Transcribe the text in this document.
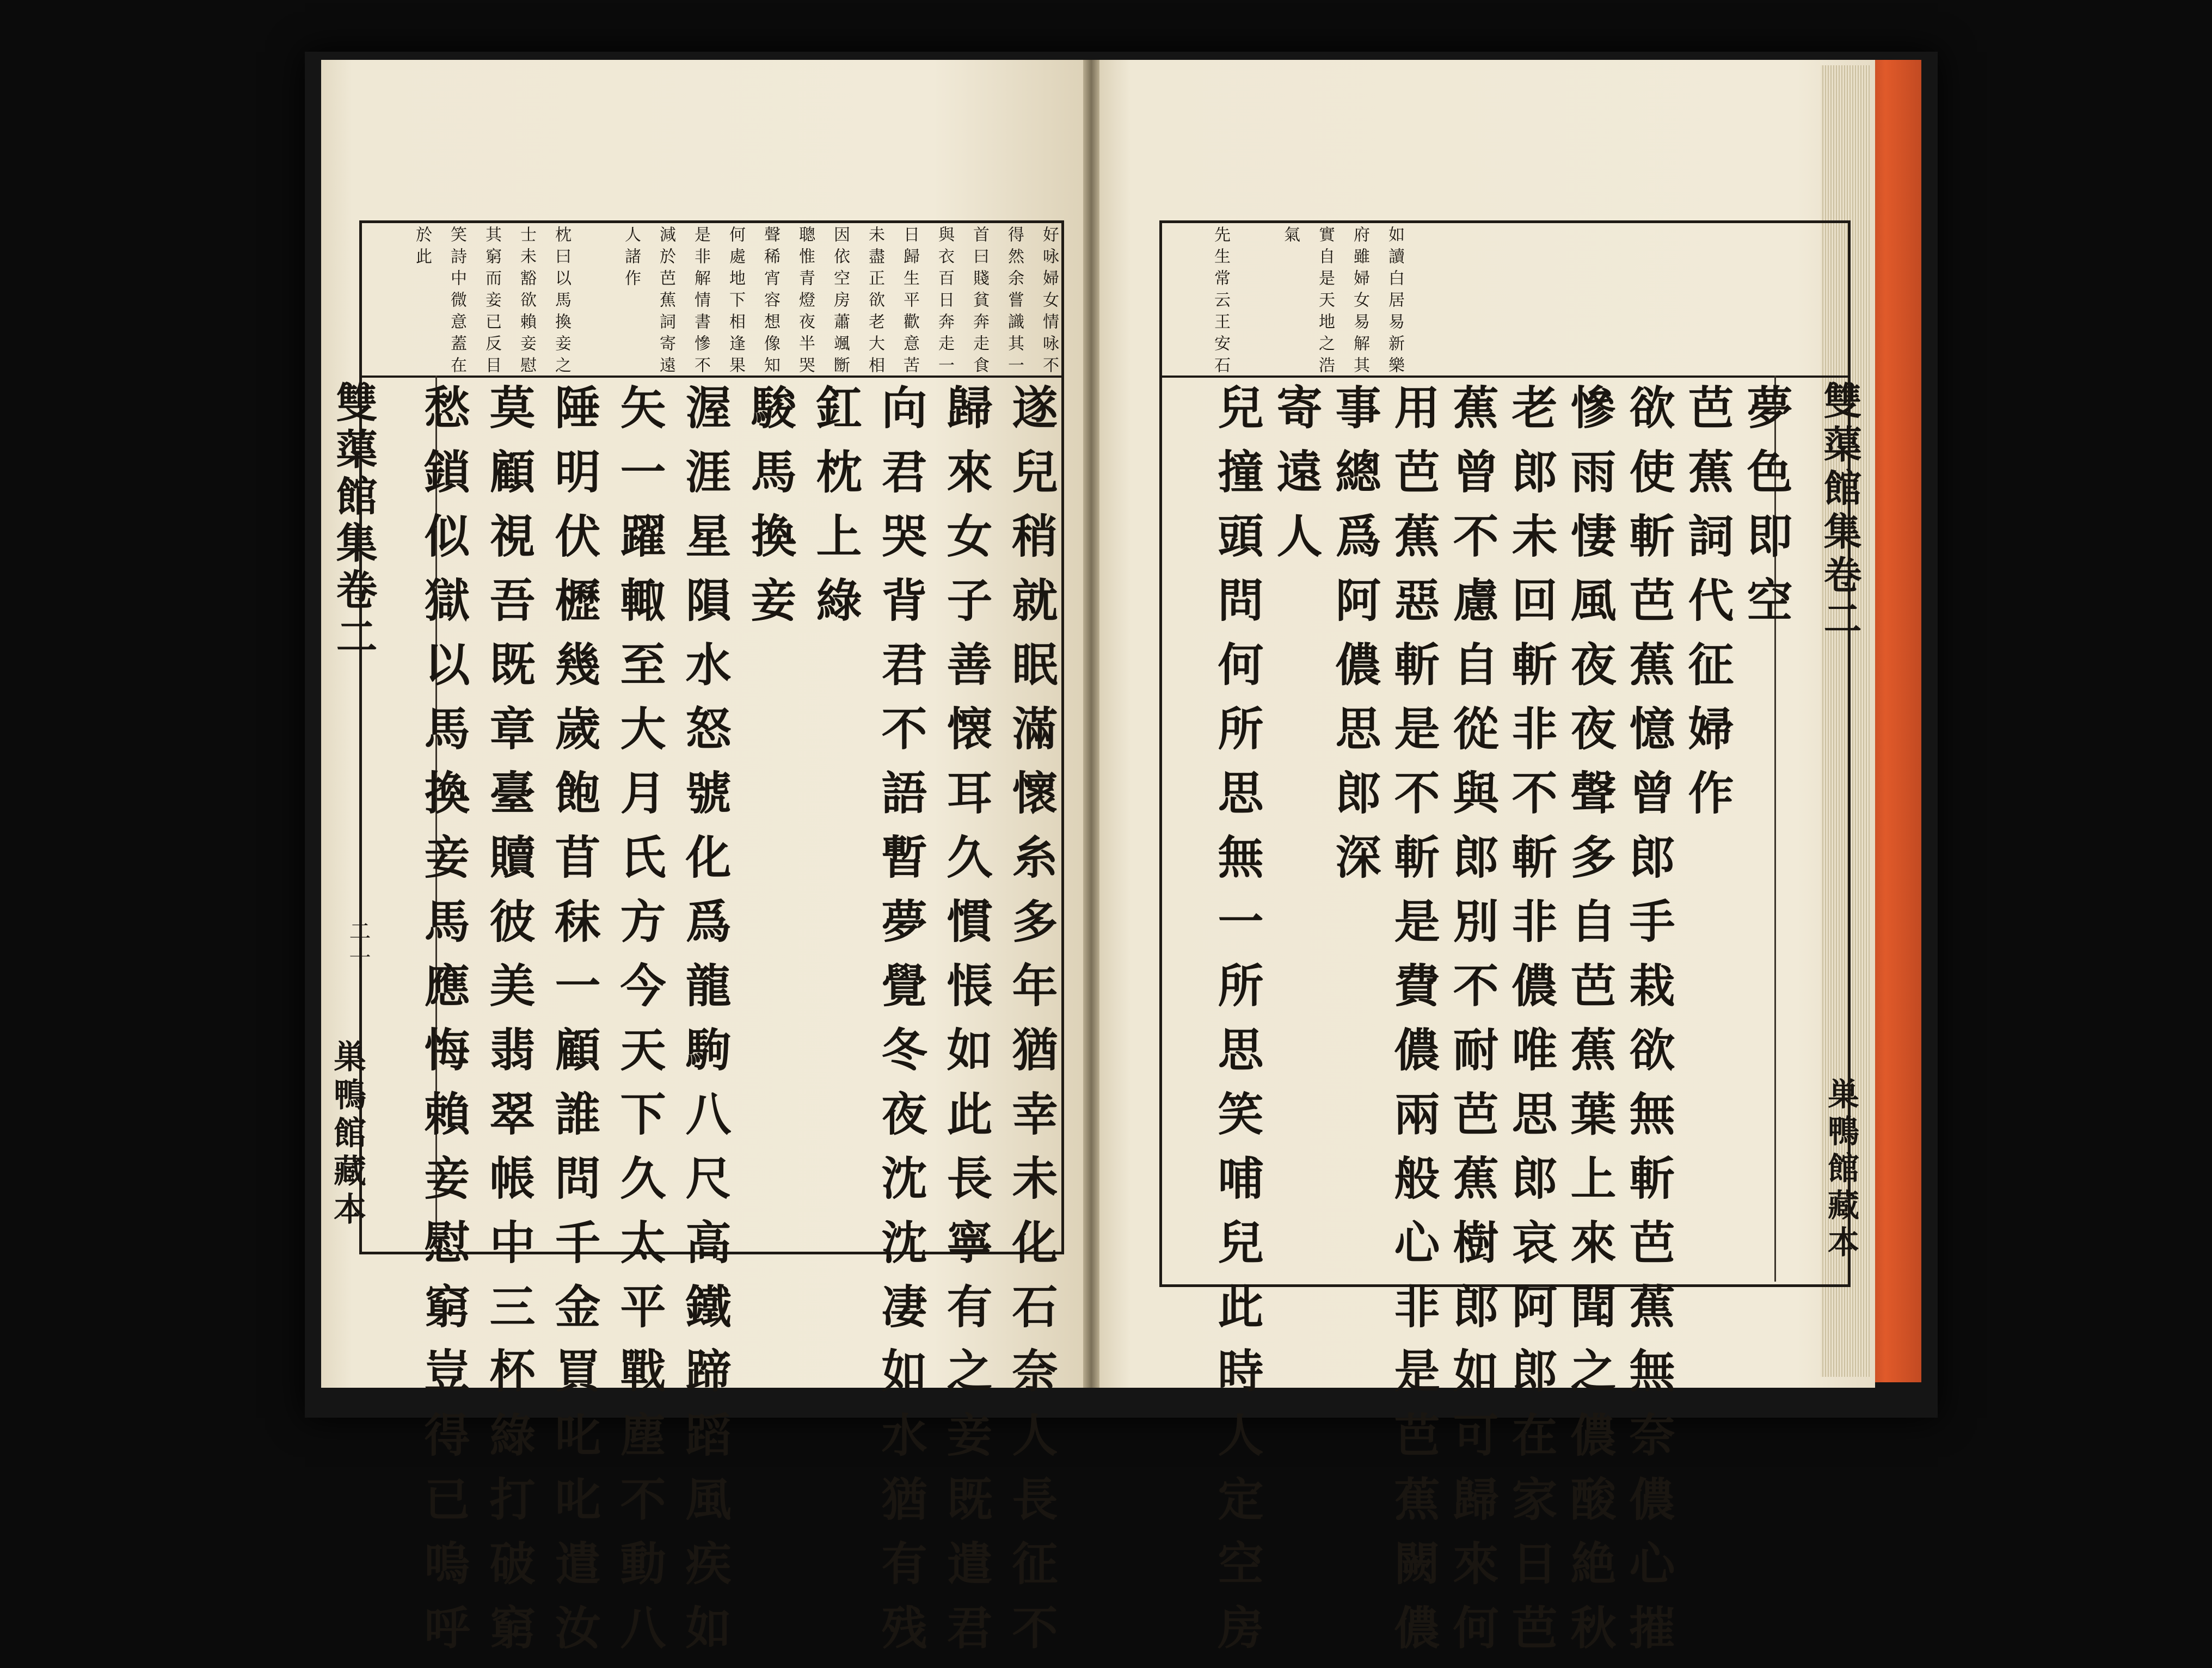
好咏婦女情咏不
得然余嘗識其一
首曰賤貧奔走食
與衣百日奔走一
日歸生平歡意苦
未盡正欲老大相
因依空房蕭颯㫁
聰惟青燈夜半哭
聲稀宵容想像知
何處地下相逢果
是非解情書慘不
減於芭蕉詞寄遠
人諸作
枕曰以馬換妾之
士未豁欲賴妾慰
其窮而妾已反目
笑詩中微意蓋在
於此
遂兒稍就眠滿懷糸多年猶幸未化石奈人長征不
歸來女子善懐耳久慣悵如此長寧有之妾既遣君
向君哭背君不語暫夢覺冬夜沈沈凄如水猶有残
釭枕上綠
駿馬換妾
渥涯星隕水怒號化爲龍駒八尺高鐵蹄蹈風疾如
矢一躍輙至大月氏方今天下久太平戰塵不動八
陲明伏櫪幾歲飽苜秣一顧誰問千金買叱叱遣汝
莫顧視吾既章臺贖彼美翡翠帳中三杯綠打破窮
愁鎖似獄以馬換妾馬應悔賴妾慰窮豈得已嗚呼
雙蕖館集卷二
二十
巣鴨館藏本
如讀白居易新樂
府雖婦女易解其
實自是天地之浩
氣
先生常云王安石
夢色即空
芭蕉詞代征婦作
欲使斬芭蕉憶曾郎手栽欲無斬芭蕉無奈儂心摧
慘雨悽風夜夜聲多自芭蕉葉上來聞之儂酸絶秋
老郎未回斬非不斬非儂唯思郎哀阿郎在家日芭
蕉曾不慮自從與郎別不耐芭蕉樹郎如可歸來何
用芭蕉惡斬是不斬是費儂兩般心非是芭蕉闕儂
事總爲阿儂思郎深
寄遠人
兒撞頭問何所思無一所思笑哺兒此時人定空房	雙蕖館集卷二
巣鴨館藏本
